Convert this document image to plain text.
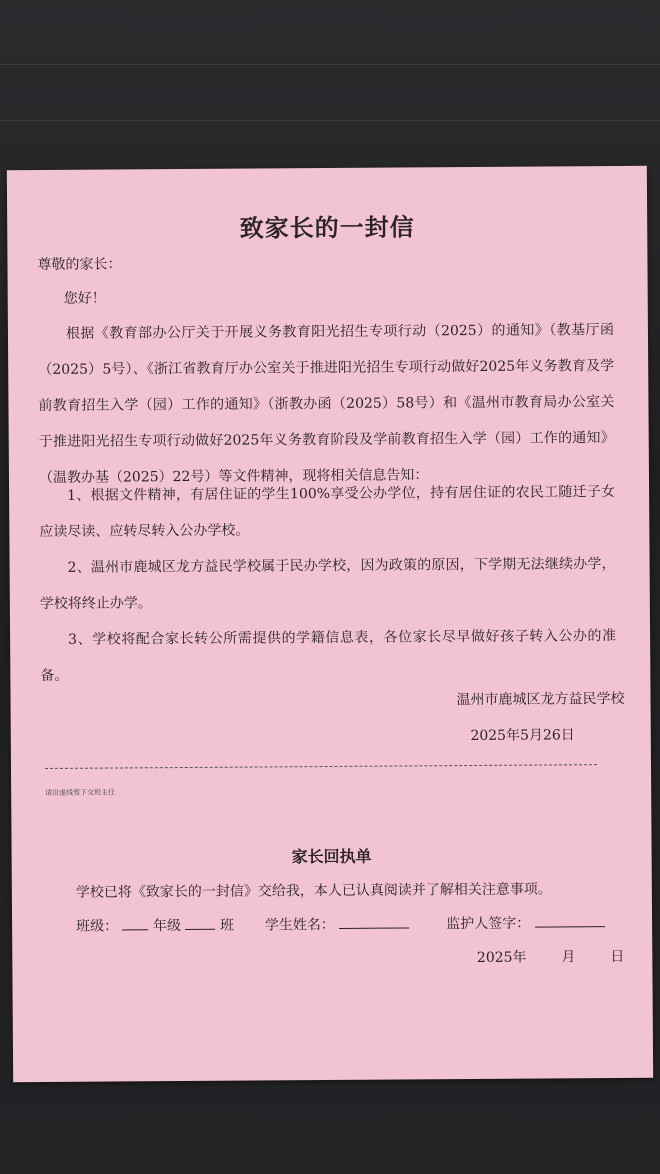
致家长的一封信
尊敬的家长：
您好！

根据《教育部办公厅关于开展义务教育阳光招生专项行动（2025）的通知》（教基厅函（2025）5号）、《浙江省教育厅办公室关于推进阳光招生专项行动做好2025年义务教育及学前教育招生入学（园）工作的通知》（浙教办函（2025）58号）和《温州市教育局办公室关于推进阳光招生专项行动做好2025年义务教育阶段及学前教育招生入学（园）工作的通知》（温教办基（2025）22号）等文件精神，现将相关信息告知：

1、根据文件精神，有居住证的学生100%享受公办学位，持有居住证的农民工随迁子女应读尽读、应转尽转入公办学校。

2、温州市鹿城区龙方益民学校属于民办学校，因为政策的原因，下学期无法继续办学，学校将终止办学。

3、学校将配合家长转公所需提供的学籍信息表，各位家长尽早做好孩子转入公办的准备。

温州市鹿城区龙方益民学校
2025年5月26日
请沿虚线剪下交班主任
家长回执单
学校已将《致家长的一封信》交给我，本人已认真阅读并了解相关注意事项。
班级： 年级	班 学生姓名：	监护人签字：
2025年 月 日
